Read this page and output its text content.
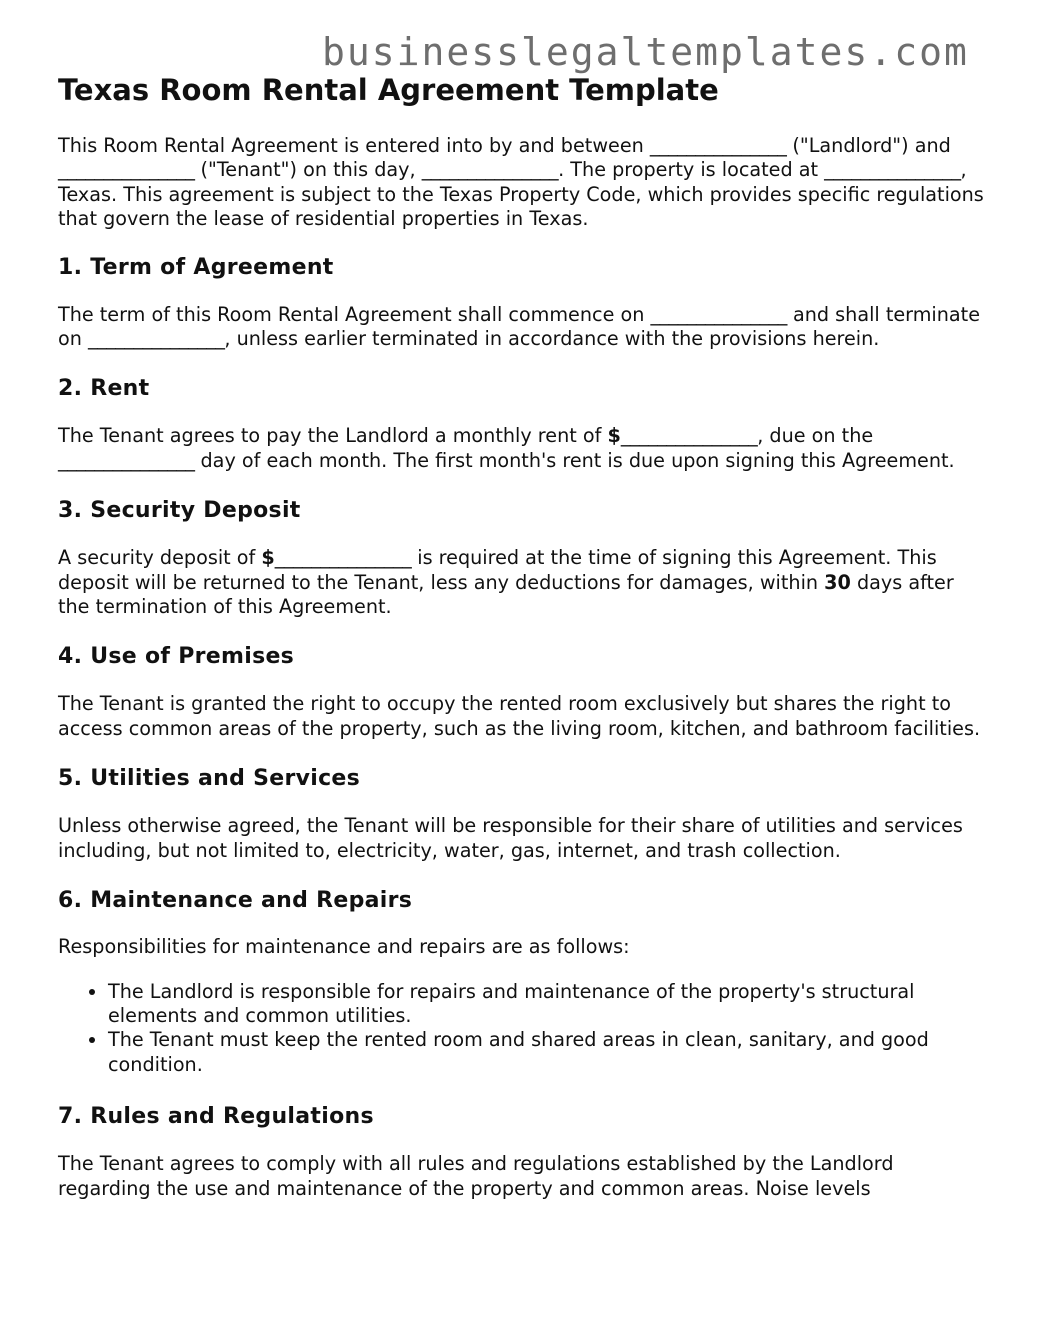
businesslegaltemplates.com
Texas Room Rental Agreement Template

This Room Rental Agreement is entered into by and between _______________ ("Landlord") and _______________ ("Tenant") on this day, _______________. The property is located at _______________, Texas. This agreement is subject to the Texas Property Code, which provides specific regulations that govern the lease of residential properties in Texas.

1. Term of Agreement

The term of this Room Rental Agreement shall commence on _______________ and shall terminate on _______________, unless earlier terminated in accordance with the provisions herein.

2. Rent

The Tenant agrees to pay the Landlord a monthly rent of $_______________, due on the _______________ day of each month. The first month's rent is due upon signing this Agreement.

3. Security Deposit

A security deposit of $_______________ is required at the time of signing this Agreement. This deposit will be returned to the Tenant, less any deductions for damages, within 30 days after the termination of this Agreement.

4. Use of Premises

The Tenant is granted the right to occupy the rented room exclusively but shares the right to access common areas of the property, such as the living room, kitchen, and bathroom facilities.

5. Utilities and Services

Unless otherwise agreed, the Tenant will be responsible for their share of utilities and services including, but not limited to, electricity, water, gas, internet, and trash collection.

6. Maintenance and Repairs

Responsibilities for maintenance and repairs are as follows:

• The Landlord is responsible for repairs and maintenance of the property's structural elements and common utilities.
• The Tenant must keep the rented room and shared areas in clean, sanitary, and good condition.
7. Rules and Regulations

The Tenant agrees to comply with all rules and regulations established by the Landlord regarding the use and maintenance of the property and common areas. Noise levels
